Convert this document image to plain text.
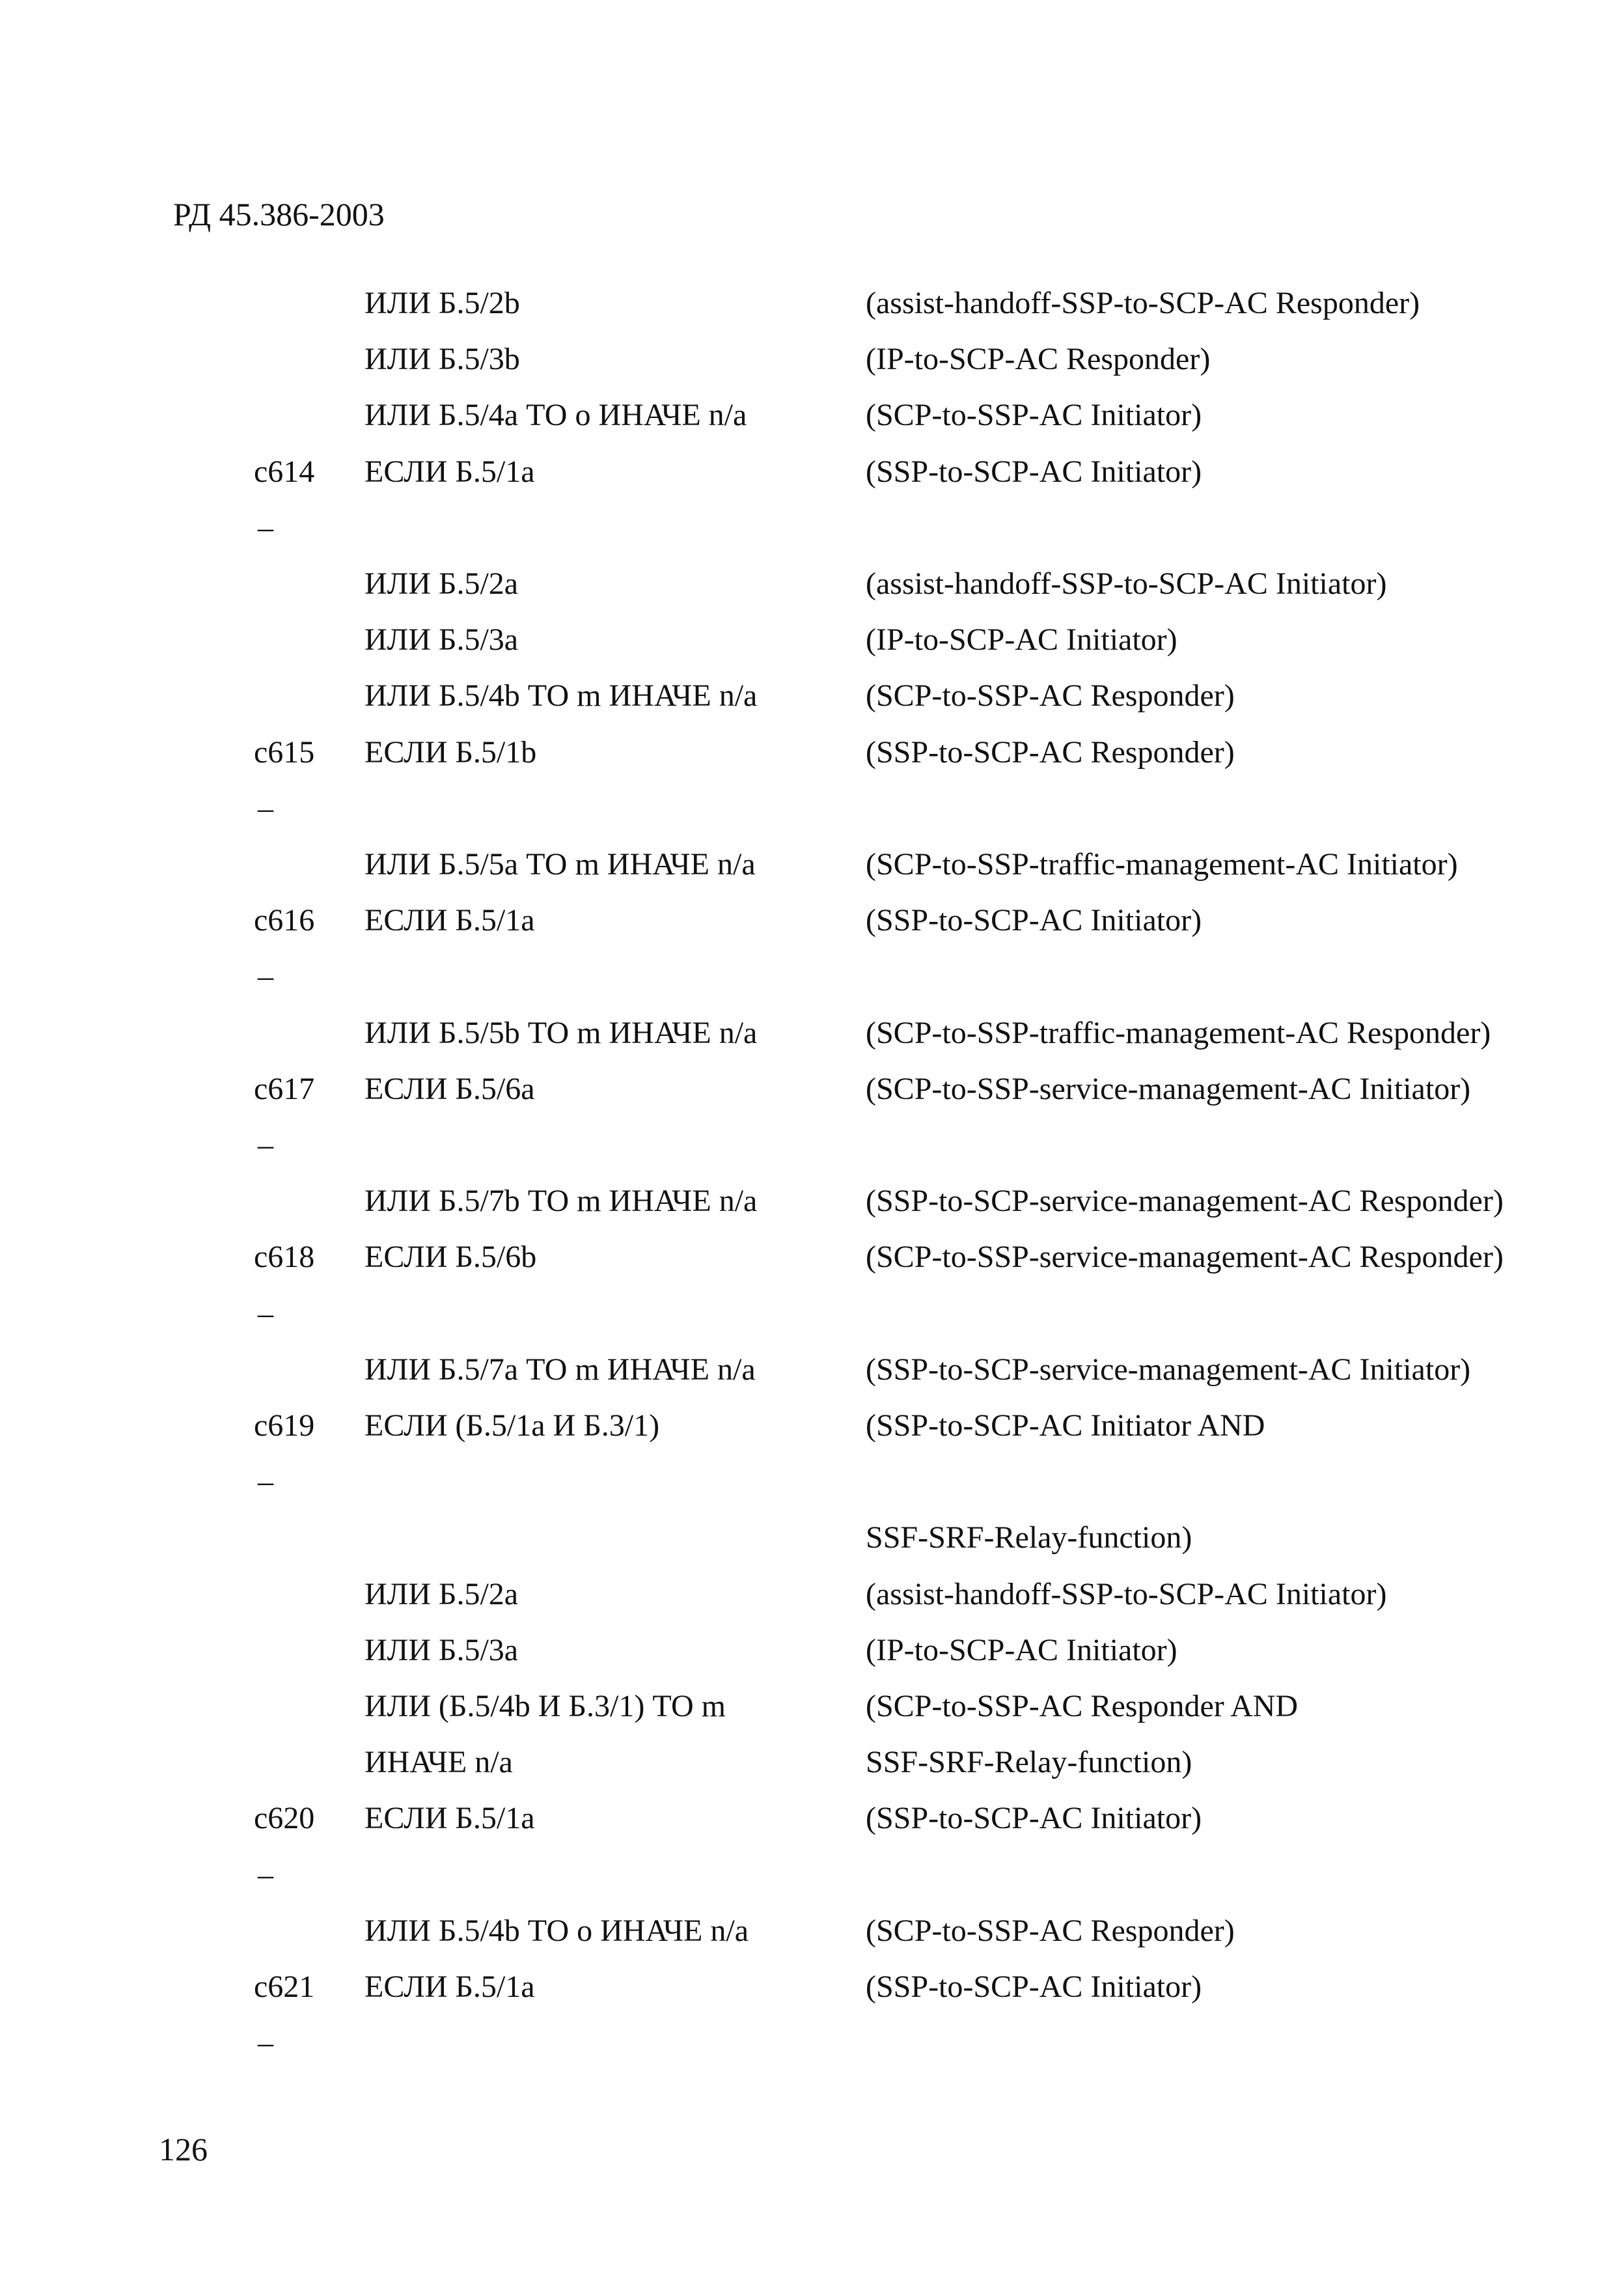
РД 45.386-2003
ИЛИ Б.5/2b	(assist-handoff-SSP-to-SCP-AC Responder)
ИЛИ Б.5/3b	(IP-to-SCP-AC Responder)
ИЛИ Б.5/4a ТО o ИНАЧЕ n/a	(SCP-to-SSP-AC Initiator)
c614 ЕСЛИ Б.5/1a	(SSP-to-SCP-AC Initiator)
–
ИЛИ Б.5/2a	(assist-handoff-SSP-to-SCP-AC Initiator)
ИЛИ Б.5/3a	(IP-to-SCP-AC Initiator)
ИЛИ Б.5/4b ТО m ИНАЧЕ n/a	(SCP-to-SSP-AC Responder)
c615 ЕСЛИ Б.5/1b	(SSP-to-SCP-AC Responder)
–
ИЛИ Б.5/5a ТО m ИНАЧЕ n/a	(SCP-to-SSP-traffic-management-AC Initiator)
c616 ЕСЛИ Б.5/1a	(SSP-to-SCP-AC Initiator)
–
ИЛИ Б.5/5b ТО m ИНАЧЕ n/a	(SCP-to-SSP-traffic-management-AC Responder)
c617 ЕСЛИ Б.5/6a	(SCP-to-SSP-service-management-AC Initiator)
–
ИЛИ Б.5/7b ТО m ИНАЧЕ n/a	(SSP-to-SCP-service-management-AC Responder)
c618 ЕСЛИ Б.5/6b	(SCP-to-SSP-service-management-AC Responder)
–
ИЛИ Б.5/7a ТО m ИНАЧЕ n/a	(SSP-to-SCP-service-management-AC Initiator)
c619 ЕСЛИ (Б.5/1a И Б.3/1)	(SSP-to-SCP-AC Initiator AND
–
SSF-SRF-Relay-function)
ИЛИ Б.5/2a	(assist-handoff-SSP-to-SCP-AC Initiator)
ИЛИ Б.5/3a	(IP-to-SCP-AC Initiator)
ИЛИ (Б.5/4b И Б.3/1) ТО m	(SCP-to-SSP-AC Responder AND
ИНАЧЕ n/a	SSF-SRF-Relay-function)
c620 ЕСЛИ Б.5/1a	(SSP-to-SCP-AC Initiator)
–
ИЛИ Б.5/4b ТО o ИНАЧЕ n/a	(SCP-to-SSP-AC Responder)
c621 ЕСЛИ Б.5/1a	(SSP-to-SCP-AC Initiator)
–
126
